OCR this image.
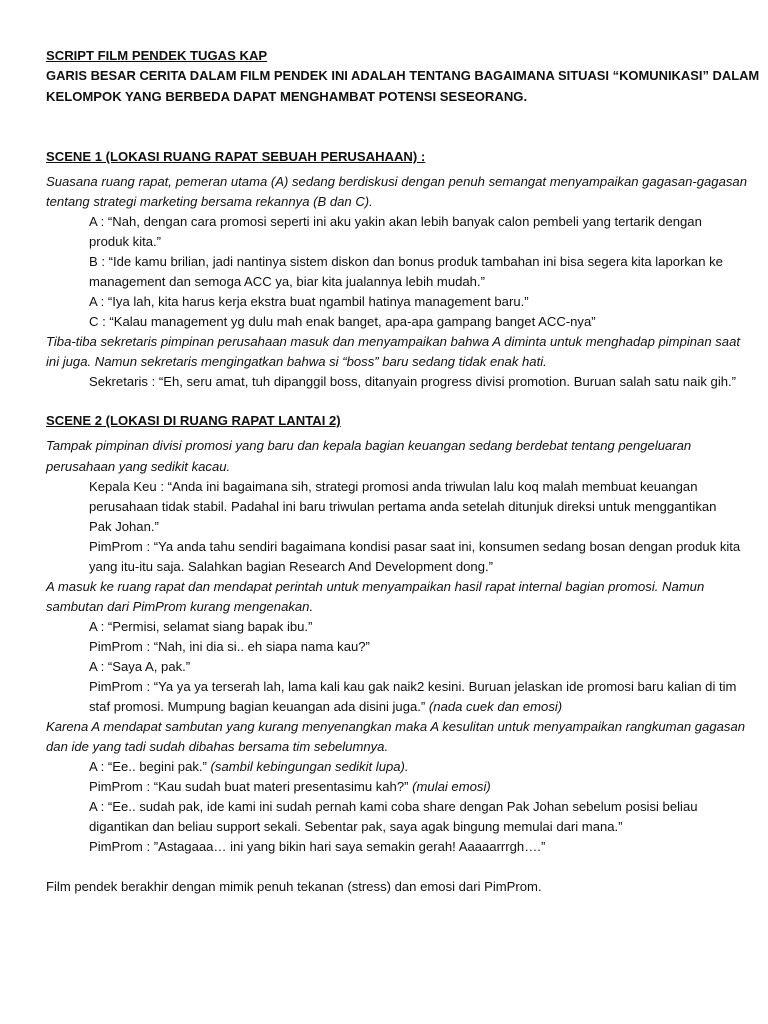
SCRIPT FILM PENDEK TUGAS KAP

GARIS BESAR CERITA DALAM FILM PENDEK INI ADALAH TENTANG BAGAIMANA SITUASI “KOMUNIKASI” DALAM

KELOMPOK YANG BERBEDA DAPAT MENGHAMBAT POTENSI SESEORANG.

SCENE 1 (LOKASI RUANG RAPAT SEBUAH PERUSAHAAN) :

Suasana ruang rapat, pemeran utama (A) sedang berdiskusi dengan penuh semangat menyampaikan gagasan-gagasan

tentang strategi marketing bersama rekannya (B dan C).

A : “Nah, dengan cara promosi seperti ini aku yakin akan lebih banyak calon pembeli yang tertarik dengan

produk kita.”

B : “Ide kamu brilian, jadi nantinya sistem diskon dan bonus produk tambahan ini bisa segera kita laporkan ke

management dan semoga ACC ya, biar kita jualannya lebih mudah.”

A : “Iya lah, kita harus kerja ekstra buat ngambil hatinya management baru.”

C : “Kalau management yg dulu mah enak banget, apa-apa gampang banget ACC-nya”

Tiba-tiba sekretaris pimpinan perusahaan masuk dan menyampaikan bahwa A diminta untuk menghadap pimpinan saat

ini juga. Namun sekretaris mengingatkan bahwa si “boss” baru sedang tidak enak hati.

Sekretaris : “Eh, seru amat, tuh dipanggil boss, ditanyain progress divisi promotion. Buruan salah satu naik gih.”

SCENE 2 (LOKASI DI RUANG RAPAT LANTAI 2)

Tampak pimpinan divisi promosi yang baru dan kepala bagian keuangan sedang berdebat tentang pengeluaran

perusahaan yang sedikit kacau.

Kepala Keu : “Anda ini bagaimana sih, strategi promosi anda triwulan lalu koq malah membuat keuangan

perusahaan tidak stabil. Padahal ini baru triwulan pertama anda setelah ditunjuk direksi untuk menggantikan

Pak Johan.”

PimProm : “Ya anda tahu sendiri bagaimana kondisi pasar saat ini, konsumen sedang bosan dengan produk kita

yang itu-itu saja. Salahkan bagian Research And Development dong.”

A masuk ke ruang rapat dan mendapat perintah untuk menyampaikan hasil rapat internal bagian promosi. Namun

sambutan dari PimProm kurang mengenakan.

A : “Permisi, selamat siang bapak ibu.”

PimProm : “Nah, ini dia si.. eh siapa nama kau?”

A : “Saya A, pak.”

PimProm : “Ya ya ya terserah lah, lama kali kau gak naik2 kesini. Buruan jelaskan ide promosi baru kalian di tim

staf promosi. Mumpung bagian keuangan ada disini juga.” (nada cuek dan emosi)

Karena A mendapat sambutan yang kurang menyenangkan maka A kesulitan untuk menyampaikan rangkuman gagasan

dan ide yang tadi sudah dibahas bersama tim sebelumnya.

A : “Ee.. begini pak.” (sambil kebingungan sedikit lupa).

PimProm : “Kau sudah buat materi presentasimu kah?” (mulai emosi)

A : “Ee.. sudah pak, ide kami ini sudah pernah kami coba share dengan Pak Johan sebelum posisi beliau

digantikan dan beliau support sekali. Sebentar pak, saya agak bingung memulai dari mana.”

PimProm : ”Astagaaa… ini yang bikin hari saya semakin gerah! Aaaaarrrgh….”

Film pendek berakhir dengan mimik penuh tekanan (stress) dan emosi dari PimProm.
